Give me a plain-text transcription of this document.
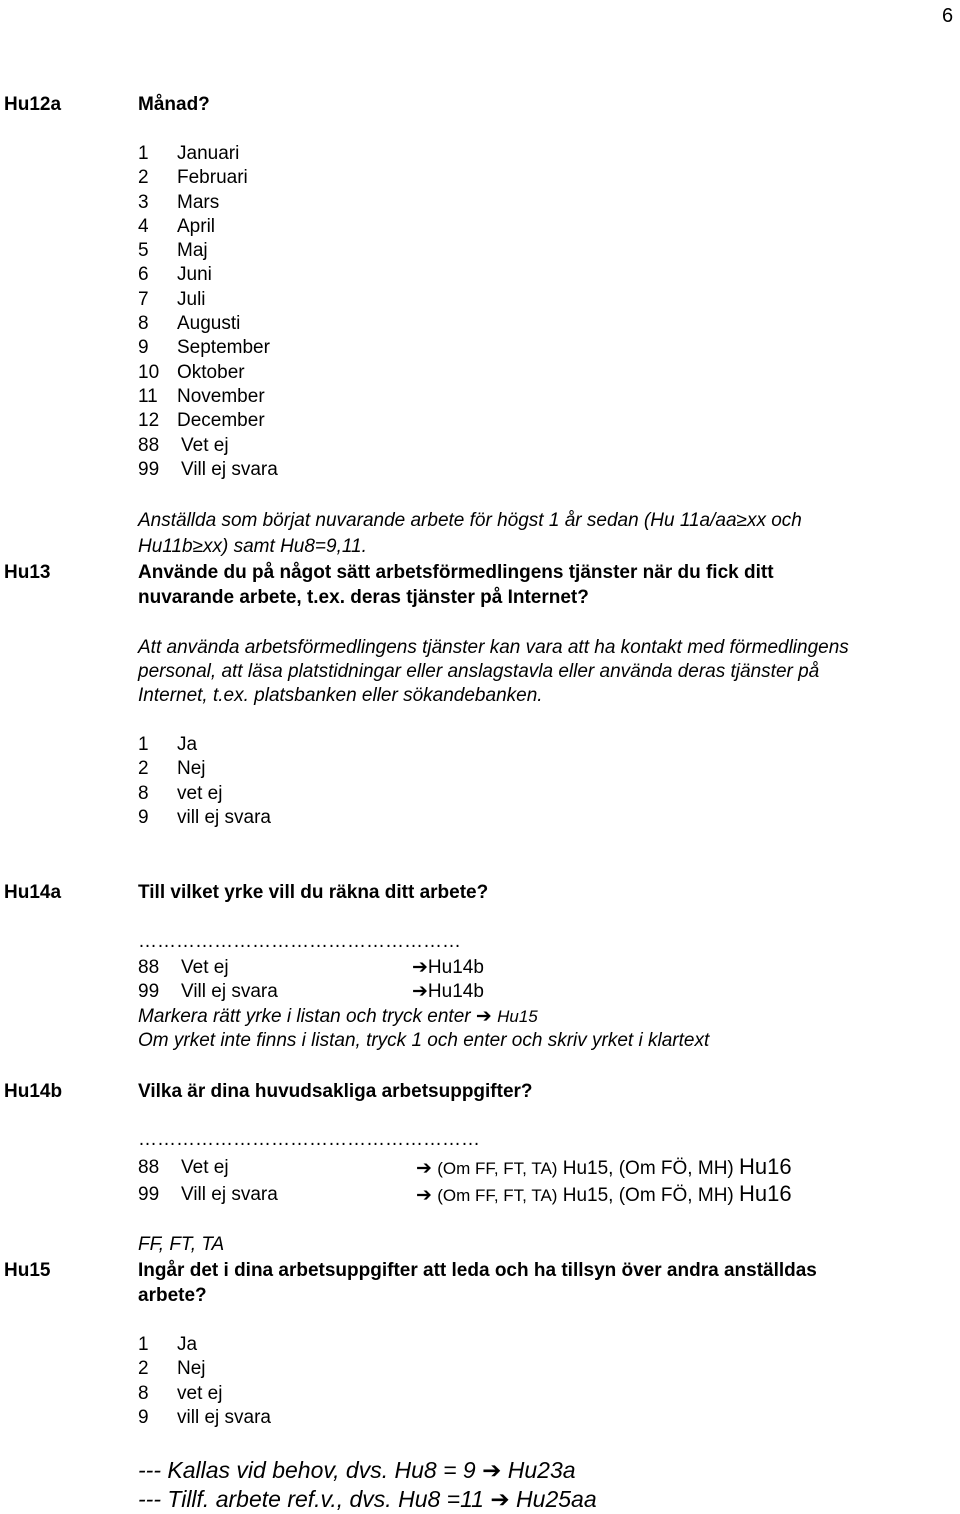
6
Hu12a	Månad?
1 Januari
2 Februari
3 Mars
4 April
5 Maj
6 Juni
7 Juli
8 Augusti
9 September
10 Oktober
11 November
12 December
88 Vet ej
99 Vill ej svara
Anställda som börjat nuvarande arbete för högst 1 år sedan (Hu 11a/aa≥xx och
Hu11b≥xx) samt Hu8=9,11.
Hu13	Använde du på något sätt arbetsförmedlingens tjänster när du fick ditt
nuvarande arbete, t.ex. deras tjänster på Internet?
Att använda arbetsförmedlingens tjänster kan vara att ha kontakt med förmedlingens
personal, att läsa platstidningar eller anslagstavla eller använda deras tjänster på
Internet, t.ex. platsbanken eller sökandebanken.
1 Ja
2 Nej
8 vet ej
9 vill ej svara
Hu14a	Till vilket yrke vill du räkna ditt arbete?
……………………………………………
88 Vet ej	➔Hu14b
99 Vill ej svara	➔Hu14b
Markera rätt yrke i listan och tryck enter ➔ Hu15
Om yrket inte finns i listan, tryck 1 och enter och skriv yrket i klartext
Hu14b	Vilka är dina huvudsakliga arbetsuppgifter?
………………………………………………
88 Vet ej	➔ (Om FF, FT, TA) Hu15, (Om FÖ, MH) Hu16
99 Vill ej svara	➔ (Om FF, FT, TA) Hu15, (Om FÖ, MH) Hu16
FF, FT, TA
Hu15	Ingår det i dina arbetsuppgifter att leda och ha tillsyn över andra anställdas
arbete?
1 Ja
2 Nej
8 vet ej
9 vill ej svara
--- Kallas vid behov, dvs. Hu8 = 9 ➔ Hu23a
--- Tillf. arbete ref.v., dvs. Hu8 =11 ➔ Hu25aa
